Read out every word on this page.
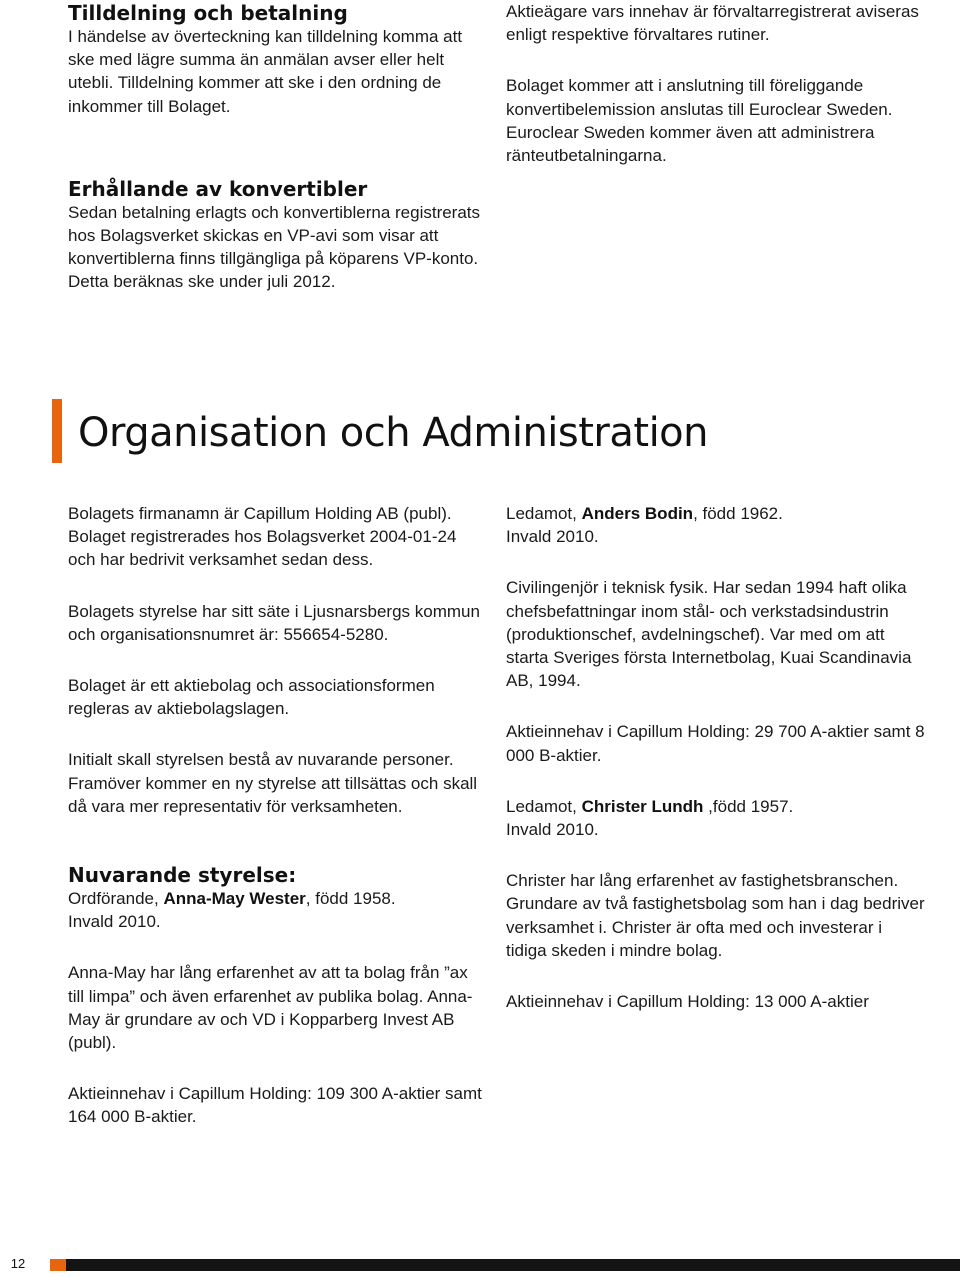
Tilldelning och betalning

I händelse av överteckning kan tilldelning komma att ske med lägre summa än anmälan avser eller helt utebli. Tilldelning kommer att ske i den ordning de inkommer till Bolaget.

Erhållande av konvertibler

Sedan betalning erlagts och konvertiblerna registrerats hos Bolagsverket skickas en VP-avi som visar att konvertiblerna finns tillgängliga på köparens VP-konto. Detta beräknas ske under juli 2012.

Aktieägare vars innehav är förvaltarregistrerat aviseras enligt respektive förvaltares rutiner.

Bolaget kommer att i anslutning till föreliggande konvertibelemission anslutas till Euroclear Sweden. Euroclear Sweden kommer även att administrera ränteutbetalningarna.

Organisation och Administration

Bolagets firmanamn är Capillum Holding AB (publ). Bolaget registrerades hos Bolagsverket 2004-01-24 och har bedrivit verksamhet sedan dess.

Bolagets styrelse har sitt säte i Ljusnarsbergs kommun och organisationsnumret är: 556654-5280.

Bolaget är ett aktiebolag och associationsformen regleras av aktiebolagslagen.

Initialt skall styrelsen bestå av nuvarande personer. Framöver kommer en ny styrelse att tillsättas och skall då vara mer representativ för verksamheten.

Nuvarande styrelse:

Ordförande, Anna-May Wester, född 1958.
Invald 2010.

Anna-May har lång erfarenhet av att ta bolag från ”ax till limpa” och även erfarenhet av publika bolag. Anna-May är grundare av och VD i Kopparberg Invest AB (publ).

Aktieinnehav i Capillum Holding: 109 300 A-aktier samt 164 000 B-aktier.

Ledamot, Anders Bodin, född 1962.
Invald 2010.

Civilingenjör i teknisk fysik. Har sedan 1994 haft olika chefsbefattningar inom stål- och verkstadsindustrin (produktionschef, avdelningschef). Var med om att starta Sveriges första Internetbolag, Kuai Scandinavia AB, 1994.

Aktieinnehav i Capillum Holding: 29 700 A-aktier samt 8 000 B-aktier.

Ledamot, Christer Lundh ,född 1957.
Invald 2010.

Christer har lång erfarenhet av fastighetsbranschen. Grundare av två fastighetsbolag som han i dag bedriver verksamhet i. Christer är ofta med och investerar i tidiga skeden i mindre bolag.

Aktieinnehav i Capillum Holding: 13 000 A-aktier

12
